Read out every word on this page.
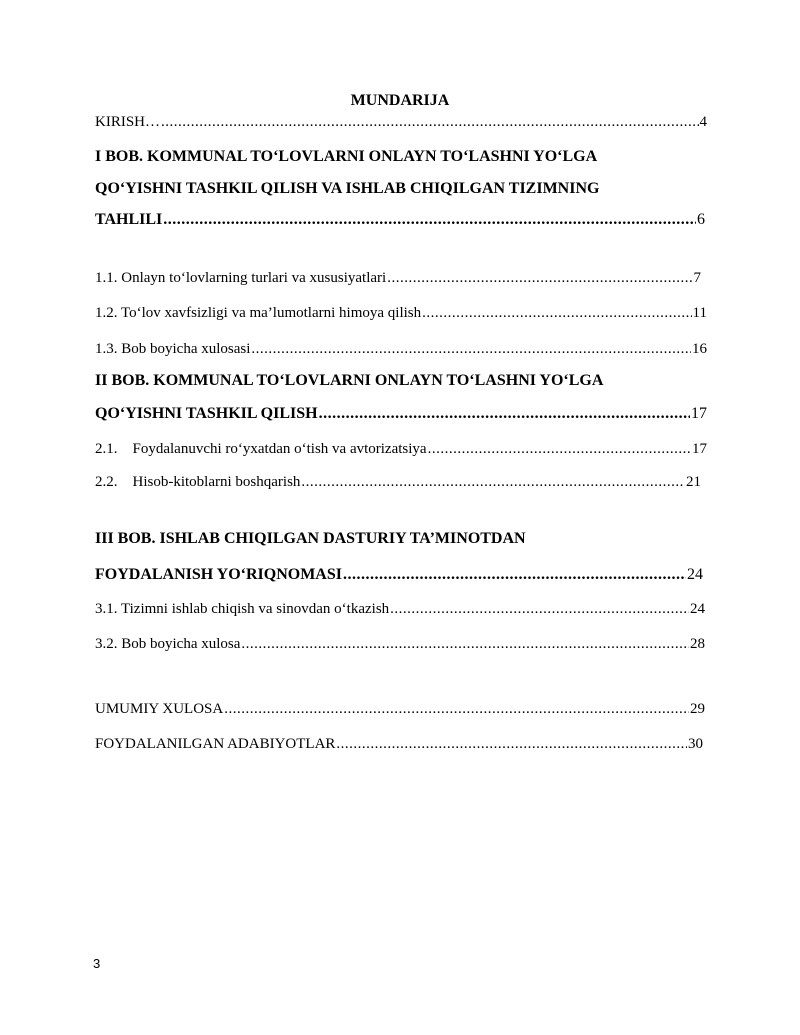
MUNDARIJA
KIRISH… .....	4
I BOB. KOMMUNAL TO‘LOVLARNI ONLAYN TO‘LASHNI YO‘LGA
QO‘YISHNI TASHKIL QILISH VA ISHLAB CHIQILGAN TIZIMNING
TAHLILI .....	6
1.1. Onlayn to‘lovlarning turlari va xususiyatlari .....	7
1.2. To‘lov xavfsizligi va ma’lumotlarni himoya qilish .....	11
1.3. Bob boyicha xulosasi .....	16
II BOB. KOMMUNAL TO‘LOVLARNI ONLAYN TO‘LASHNI YO‘LGA
QO‘YISHNI TASHKIL QILISH .....	17
2.1.    Foydalanuvchi ro‘yxatdan o‘tish va avtorizatsiya .....	17
2.2.    Hisob-kitoblarni boshqarish .....	21
III BOB. ISHLAB CHIQILGAN DASTURIY TA’MINOTDAN
FOYDALANISH YO‘RIQNOMASI .....	24
3.1. Tizimni ishlab chiqish va sinovdan o‘tkazish .....	24
3.2. Bob boyicha xulosa .....	28
UMUMIY XULOSA .....	29
FOYDALANILGAN ADABIYOTLAR .....	30
3
